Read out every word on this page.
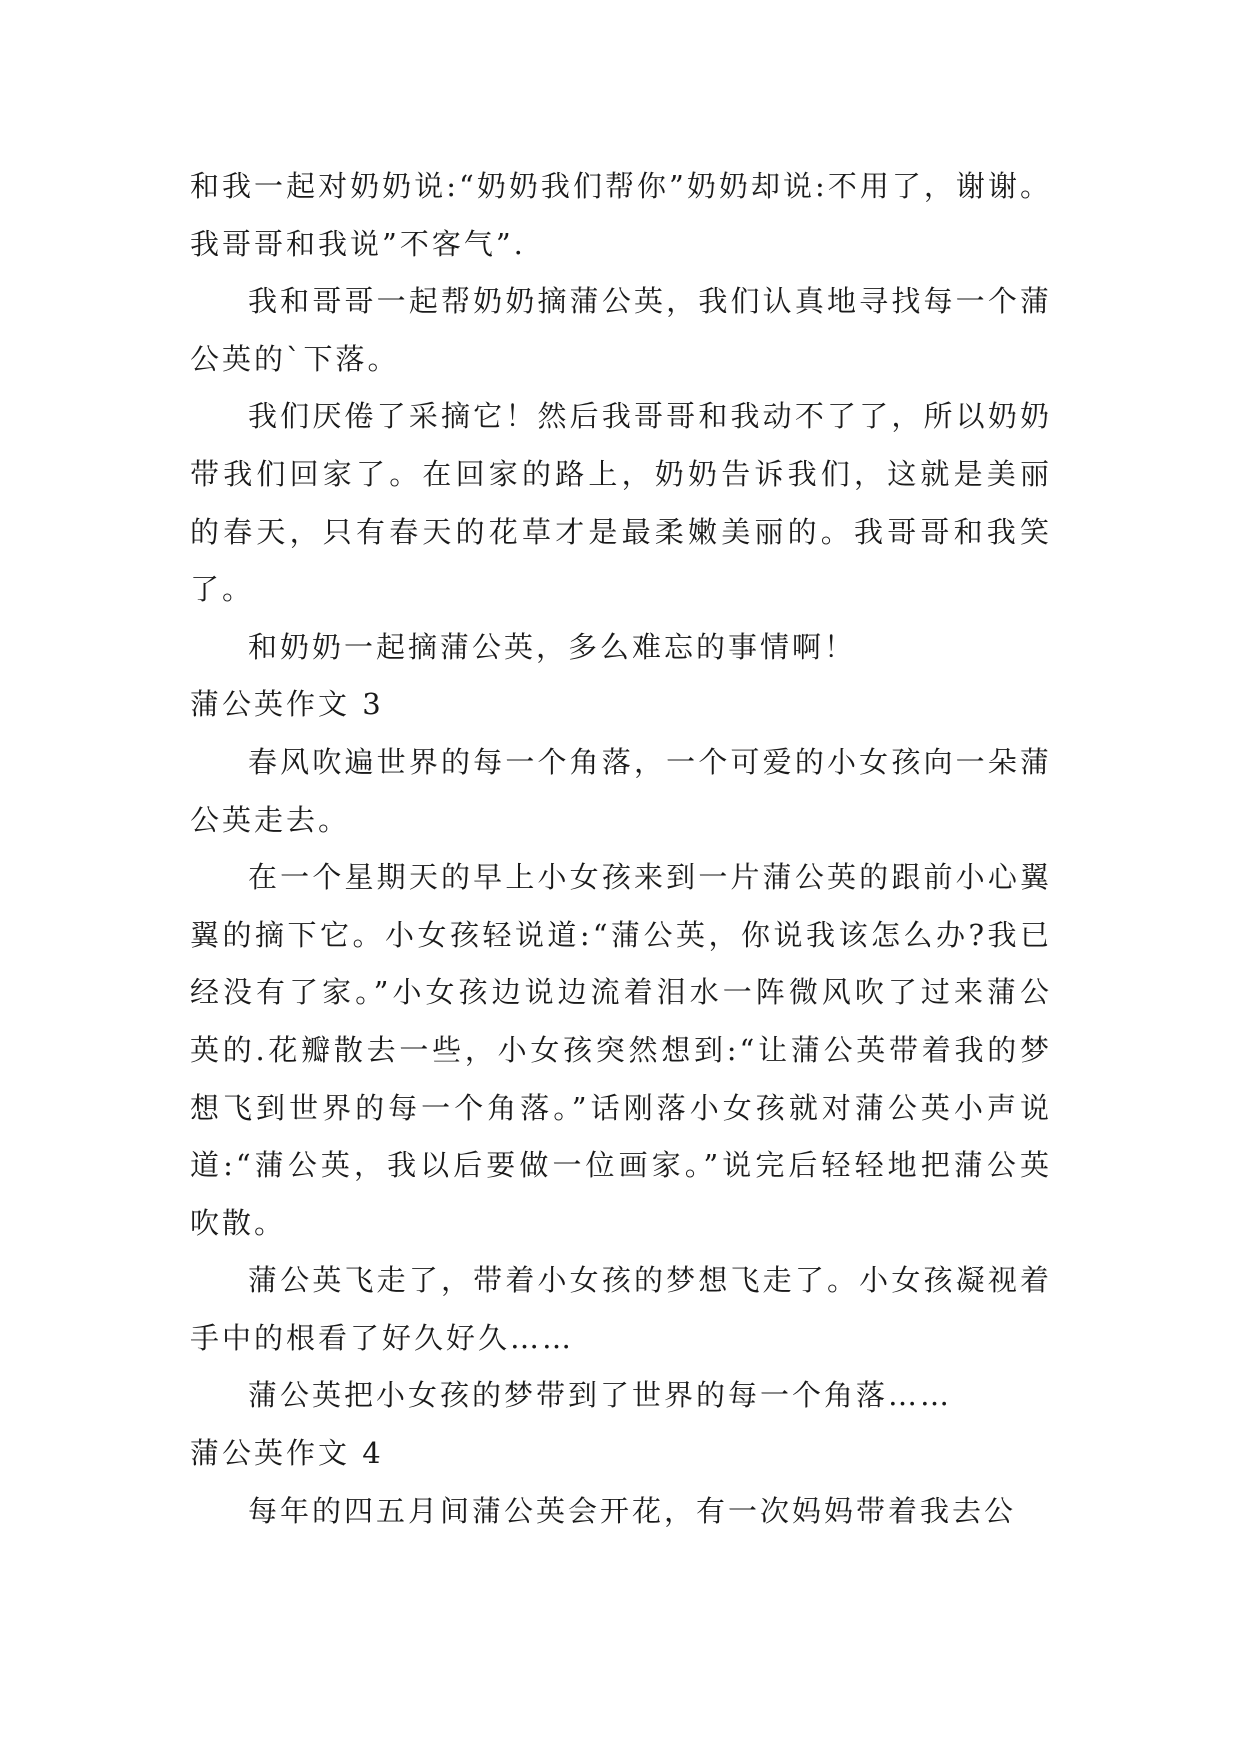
和我一起对奶奶说:“奶奶我们帮你”奶奶却说:不用了，谢谢。我哥哥和我说”不客气”.

我和哥哥一起帮奶奶摘蒲公英，我们认真地寻找每一个蒲公英的`下落。

我们厌倦了采摘它！然后我哥哥和我动不了了，所以奶奶带我们回家了。在回家的路上，奶奶告诉我们，这就是美丽的春天，只有春天的花草才是最柔嫩美丽的。我哥哥和我笑了。

和奶奶一起摘蒲公英，多么难忘的事情啊！

蒲公英作文 3

春风吹遍世界的每一个角落，一个可爱的小女孩向一朵蒲公英走去。

在一个星期天的早上小女孩来到一片蒲公英的跟前小心翼翼的摘下它。小女孩轻说道:“蒲公英，你说我该怎么办?我已经没有了家。”小女孩边说边流着泪水一阵微风吹了过来蒲公英的.花瓣散去一些，小女孩突然想到:“让蒲公英带着我的梦想飞到世界的每一个角落。”话刚落小女孩就对蒲公英小声说道:“蒲公英，我以后要做一位画家。”说完后轻轻地把蒲公英吹散。

蒲公英飞走了，带着小女孩的梦想飞走了。小女孩凝视着手中的根看了好久好久……

蒲公英把小女孩的梦带到了世界的每一个角落……

蒲公英作文 4

每年的四五月间蒲公英会开花，有一次妈妈带着我去公
